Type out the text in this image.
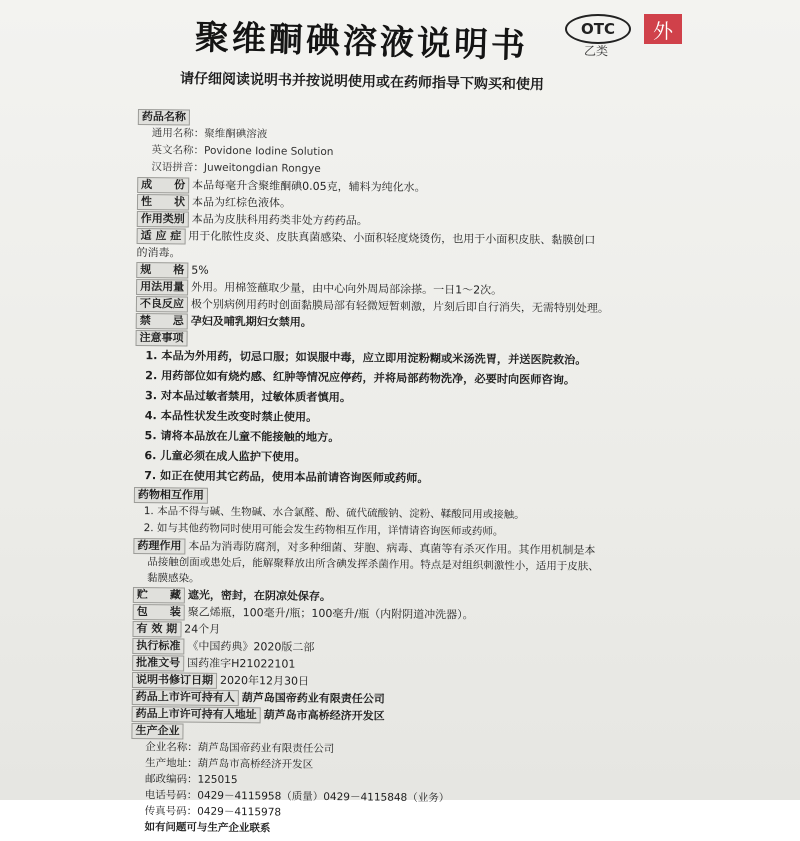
聚维酮碘溶液说明书	OTC
乙类
外
请仔细阅读说明书并按说明使用或在药师指导下购买和使用
药品名称
通用名称：聚维酮碘溶液
英文名称：Povidone Iodine Solution
汉语拼音：Juweitongdian Rongye
成　　份 本品每毫升含聚维酮碘0.05克，辅料为纯化水。
性　　状 本品为红棕色液体。
作用类别 本品为皮肤科用药类非处方药药品。
适 应 症 用于化脓性皮炎、皮肤真菌感染、小面积轻度烧烫伤，也用于小面积皮肤、黏膜创口
的消毒。
规　　格 5%
用法用量 外用。用棉签蘸取少量，由中心向外周局部涂搽。一日1～2次。
不良反应 极个别病例用药时创面黏膜局部有轻微短暂刺激，片刻后即自行消失，无需特别处理。
禁　　忌 孕妇及哺乳期妇女禁用。
注意事项
1. 本品为外用药，切忌口服；如误服中毒，应立即用淀粉糊或米汤洗胃，并送医院救治。
2. 用药部位如有烧灼感、红肿等情况应停药，并将局部药物洗净，必要时向医师咨询。
3. 对本品过敏者禁用，过敏体质者慎用。
4. 本品性状发生改变时禁止使用。
5. 请将本品放在儿童不能接触的地方。
6. 儿童必须在成人监护下使用。
7. 如正在使用其它药品，使用本品前请咨询医师或药师。
药物相互作用
1. 本品不得与碱、生物碱、水合氯醛、酚、硫代硫酸钠、淀粉、鞣酸同用或接触。
2. 如与其他药物同时使用可能会发生药物相互作用，详情请咨询医师或药师。
药理作用 本品为消毒防腐剂，对多种细菌、芽胞、病毒、真菌等有杀灭作用。其作用机制是本
品接触创面或患处后，能解聚释放出所含碘发挥杀菌作用。特点是对组织刺激性小，适用于皮肤、
黏膜感染。
贮　　藏 遮光，密封，在阴凉处保存。
包　　装 聚乙烯瓶，100毫升/瓶；100毫升/瓶（内附阴道冲洗器）。
有 效 期 24个月
执行标准 《中国药典》2020版二部
批准文号 国药准字H21022101
说明书修订日期 2020年12月30日
药品上市许可持有人 葫芦岛国帝药业有限责任公司
药品上市许可持有人地址 葫芦岛市高桥经济开发区
生产企业
企业名称：葫芦岛国帝药业有限责任公司
生产地址：葫芦岛市高桥经济开发区
邮政编码：125015
电话号码：0429－4115958（质量）0429－4115848（业务）
传真号码：0429－4115978
如有问题可与生产企业联系
